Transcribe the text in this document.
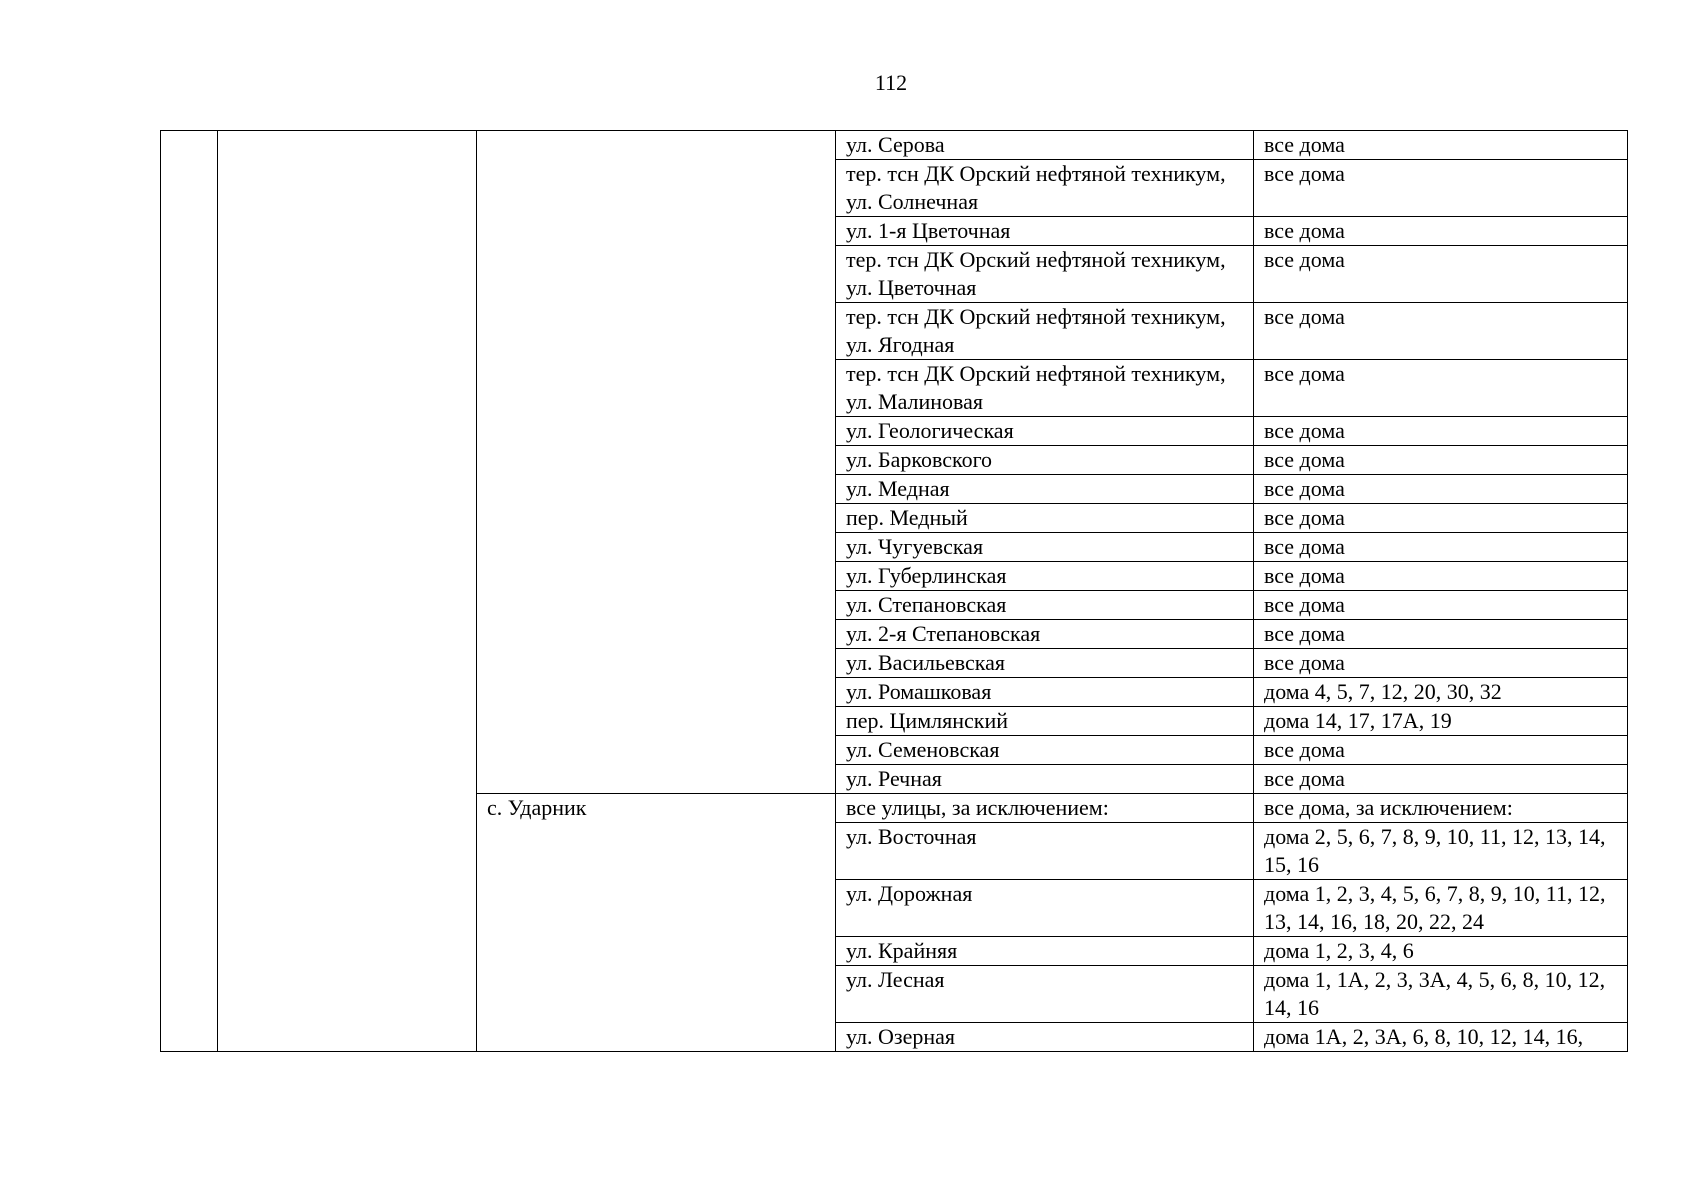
112
			ул. Серова	все дома
			тер. тсн ДК Орский нефтяной техникум, ул. Солнечная	все дома
			ул. 1-я Цветочная	все дома
			тер. тсн ДК Орский нефтяной техникум, ул. Цветочная	все дома
			тер. тсн ДК Орский нефтяной техникум, ул. Ягодная	все дома
			тер. тсн ДК Орский нефтяной техникум, ул. Малиновая	все дома
			ул. Геологическая	все дома
			ул. Барковского	все дома
			ул. Медная	все дома
			пер. Медный	все дома
			ул. Чугуевская	все дома
			ул. Губерлинская	все дома
			ул. Степановская	все дома
			ул. 2-я Степановская	все дома
			ул. Васильевская	все дома
			ул. Ромашковая	дома 4, 5, 7, 12, 20, 30, 32
			пер. Цимлянский	дома 14, 17, 17А, 19
			ул. Семеновская	все дома
			ул. Речная	все дома
		с. Ударник	все улицы, за исключением:	все дома, за исключением:
			ул. Восточная	дома 2, 5, 6, 7, 8, 9, 10, 11, 12, 13, 14, 15, 16
			ул. Дорожная	дома 1, 2, 3, 4, 5, 6, 7, 8, 9, 10, 11, 12, 13, 14, 16, 18, 20, 22, 24
			ул. Крайняя	дома 1, 2, 3, 4, 6
			ул. Лесная	дома 1, 1А, 2, 3, 3А, 4, 5, 6, 8, 10, 12, 14, 16
			ул. Озерная	дома 1А, 2, 3А, 6, 8, 10, 12, 14, 16,
